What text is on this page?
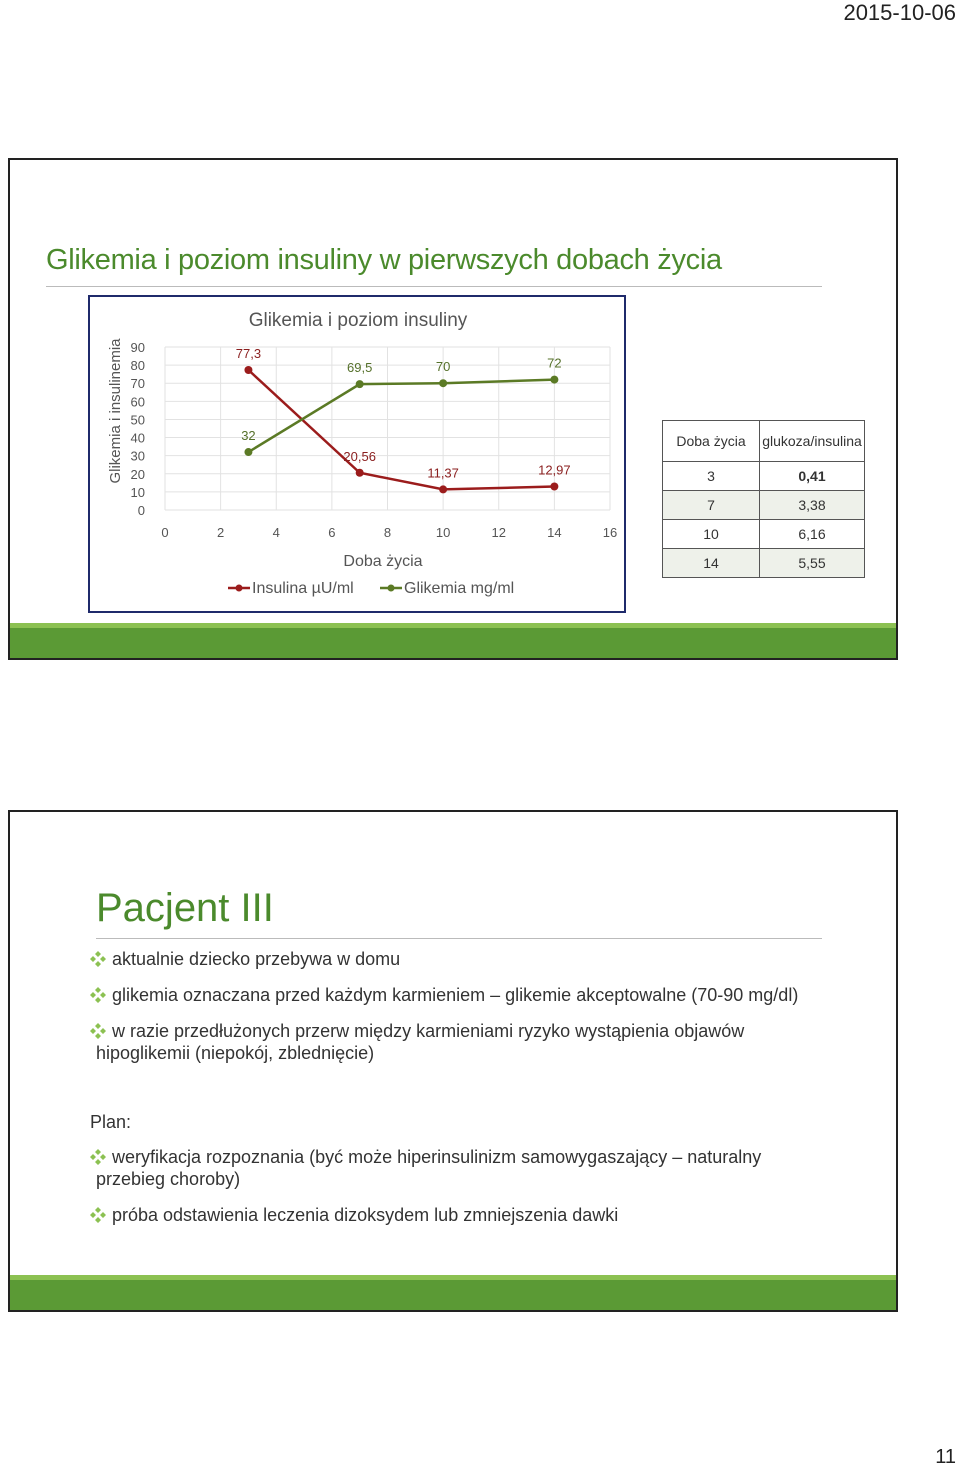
2015-10-06
Glikemia i poziom insuliny w pierwszych dobach życia
Glikemia i poziom insuliny
Glikemia i insulinemia
Doba życia
0
10
20
30
40
50
60
70
80
90
0	2	4	6	8	10	12	14	16
77,3
20,56
11,37	12,97
32
69,5	70	72
Insulina µU/ml	Glikemia mg/ml
Doba życia	glukoza/insulina
3	0,41
7	3,38
10	6,16
14	5,55
Pacjent III
aktualnie dziecko przebywa w domu
glikemia oznaczana przed każdym karmieniem – glikemie akceptowalne (70-90 mg/dl)
w razie przedłużonych przerw między karmieniami ryzyko wystąpienia objawów
hipoglikemii (niepokój, zblednięcie)
Plan:
weryfikacja rozpoznania (być może hiperinsulinizm samowygaszający – naturalny
przebieg choroby)
próba odstawienia leczenia dizoksydem lub zmniejszenia dawki
11
